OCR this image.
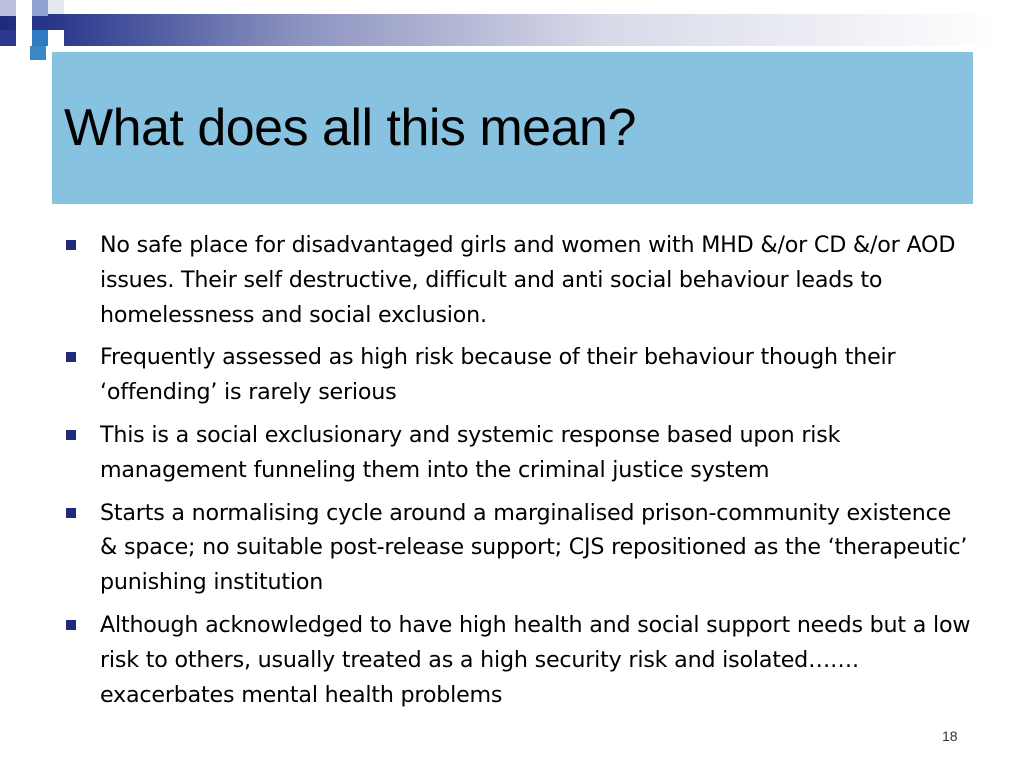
What does all this mean?
No safe place for disadvantaged girls and women with MHD &/or CD &/or AOD issues. Their self destructive, difficult and anti social behaviour leads to homelessness and social exclusion.
Frequently assessed as high risk because of their behaviour though their ‘offending’ is rarely serious
This is a social exclusionary and systemic response based upon risk management funneling them into the criminal justice system
Starts a normalising cycle around a marginalised prison-community existence & space; no suitable post-release support; CJS repositioned as the ‘therapeutic’ punishing institution
Although acknowledged to have high health and social support needs but a low risk to others, usually treated as a high security risk and isolated……. exacerbates mental health problems
18
